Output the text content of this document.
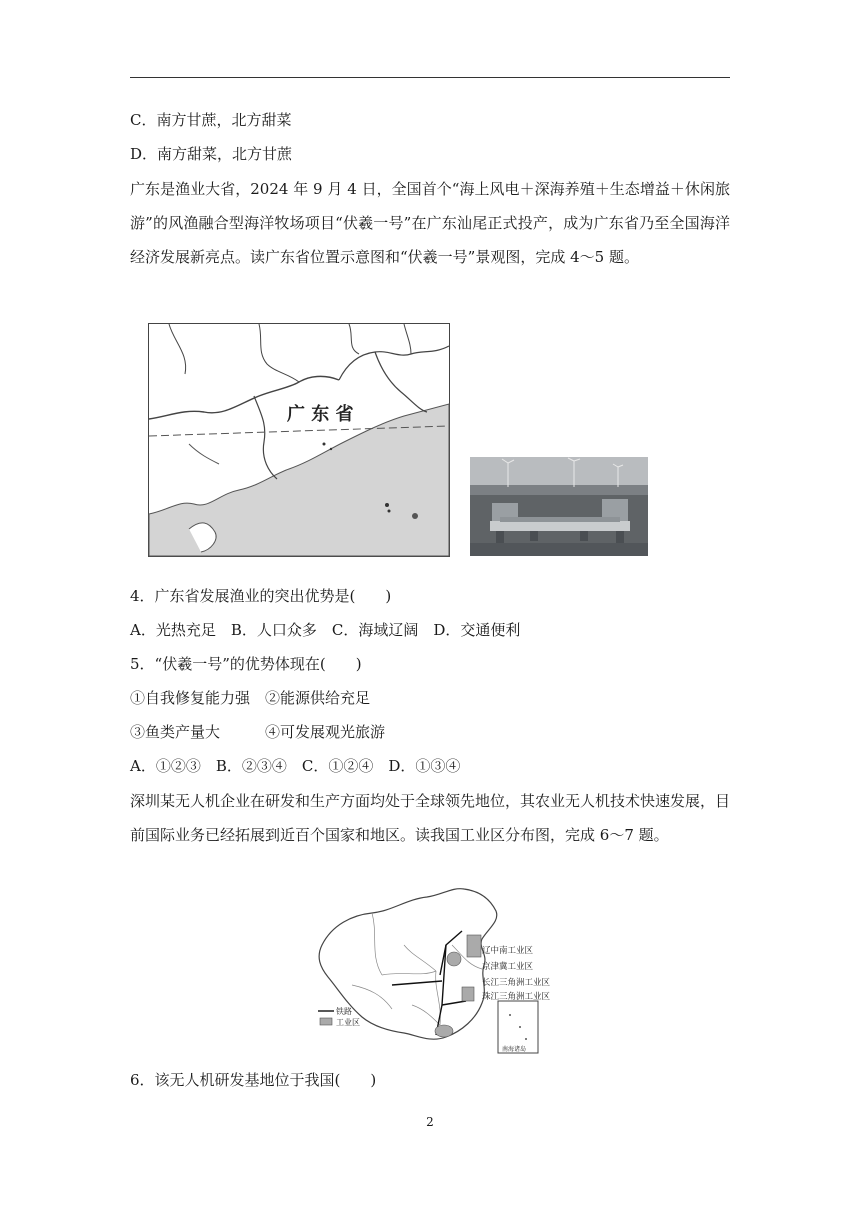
C．南方甘蔗，北方甜菜
D．南方甜菜，北方甘蔗
广东是渔业大省，2024 年 9 月 4 日，全国首个“海上风电＋深海养殖＋生态增益＋休闲旅游”的风渔融合型海洋牧场项目“伏羲一号”在广东汕尾正式投产，成为广东省乃至全国海洋经济发展新亮点。读广东省位置示意图和“伏羲一号”景观图，完成 4～5 题。
广 东 省
4．广东省发展渔业的突出优势是(　　)
A．光热充足　B．人口众多　C．海域辽阔　D．交通便利
5．“伏羲一号”的优势体现在(　　)
①自我修复能力强　②能源供给充足
③鱼类产量大　　　④可发展观光旅游
A．①②③　B．②③④　C．①②④　D．①③④
深圳某无人机企业在研发和生产方面均处于全球领先地位，其农业无人机技术快速发展，目前国际业务已经拓展到近百个国家和地区。读我国工业区分布图，完成 6～7 题。
南海诸岛
辽中南工业区
京津冀工业区
长江三角洲工业区
珠江三角洲工业区
铁路
工业区
6．该无人机研发基地位于我国(　　)
2
